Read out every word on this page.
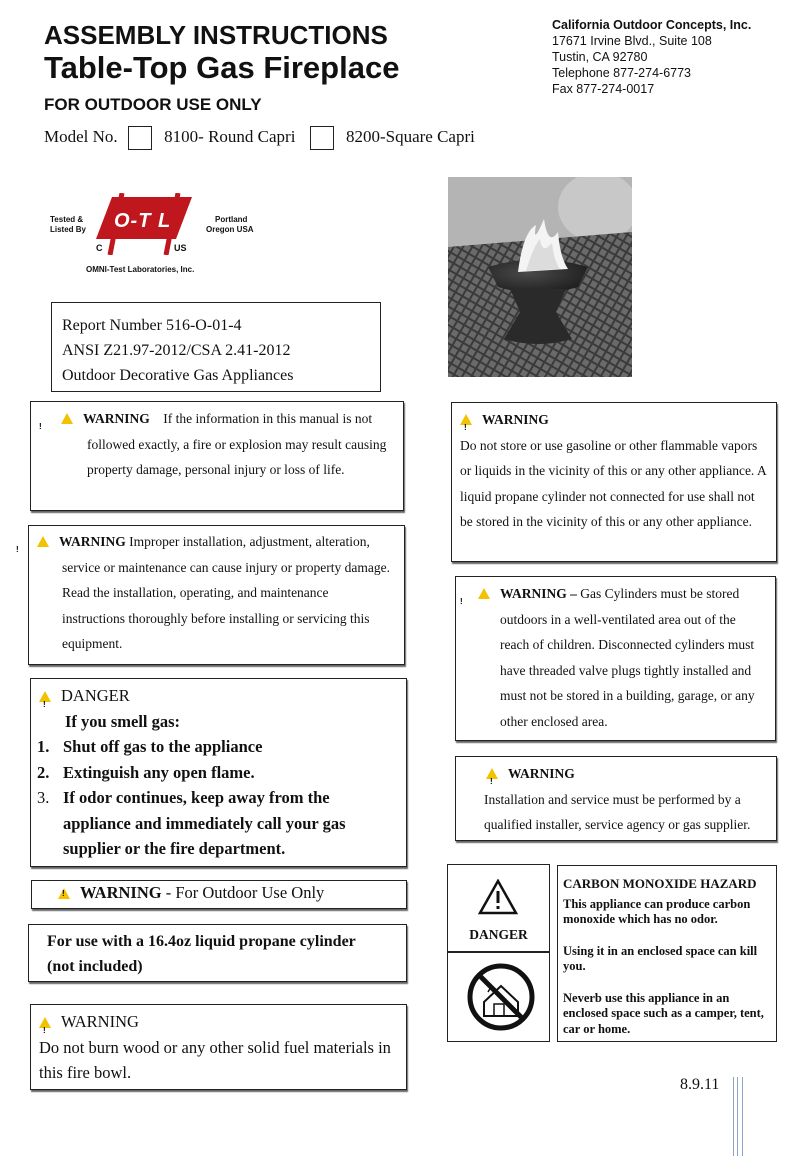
ASSEMBLY INSTRUCTIONS
Table-Top Gas Fireplace
FOR OUTDOOR USE ONLY
Model No.	8100- Round Capri	8200-Square Capri
California Outdoor Concepts, Inc.
17671 Irvine Blvd., Suite 108
Tustin, CA 92780
Telephone 877-274-6773
Fax 877-274-0017
Tested &
Listed By O-T L
C	US
Portland
Oregon USA
OMNI-Test Laboratories, Inc.
Report Number 516-O-01-4
ANSI Z21.97-2012/CSA 2.41-2012
Outdoor Decorative Gas Appliances
!WARNING If the information in this manual is not followed exactly, a fire or explosion may result causing property damage, personal injury or loss of life.
!WARNING Improper installation, adjustment, alteration, service or maintenance can cause injury or property damage. Read the installation, operating, and maintenance instructions thoroughly before installing or servicing this equipment.
!DANGER
If you smell gas:
1. Shut off gas to the appliance
2. Extinguish any open flame.
3. If odor continues, keep away from the appliance and immediately call your gas supplier or the fire department.
!WARNING - For Outdoor Use Only
For use with a 16.4oz liquid propane cylinder (not included)
!WARNING
Do not burn wood or any other solid fuel materials in this fire bowl.
!WARNING
Do not store or use gasoline or other flammable vapors or liquids in the vicinity of this or any other appliance. A liquid propane cylinder not connected for use shall not be stored in the vicinity of this or any other appliance.
!WARNING – Gas Cylinders must be stored outdoors in a well-ventilated area out of the reach of children. Disconnected cylinders must have threaded valve plugs tightly installed and must not be stored in a building, garage, or any other enclosed area.
!WARNING
Installation and service must be performed by a qualified installer, service agency or gas supplier.
DANGER
CARBON MONOXIDE HAZARD
This appliance can produce carbon monoxide which has no odor.
Using it in an enclosed space can kill you.
Neverb use this appliance in an enclosed space such as a camper, tent, car or home.
8.9.11
